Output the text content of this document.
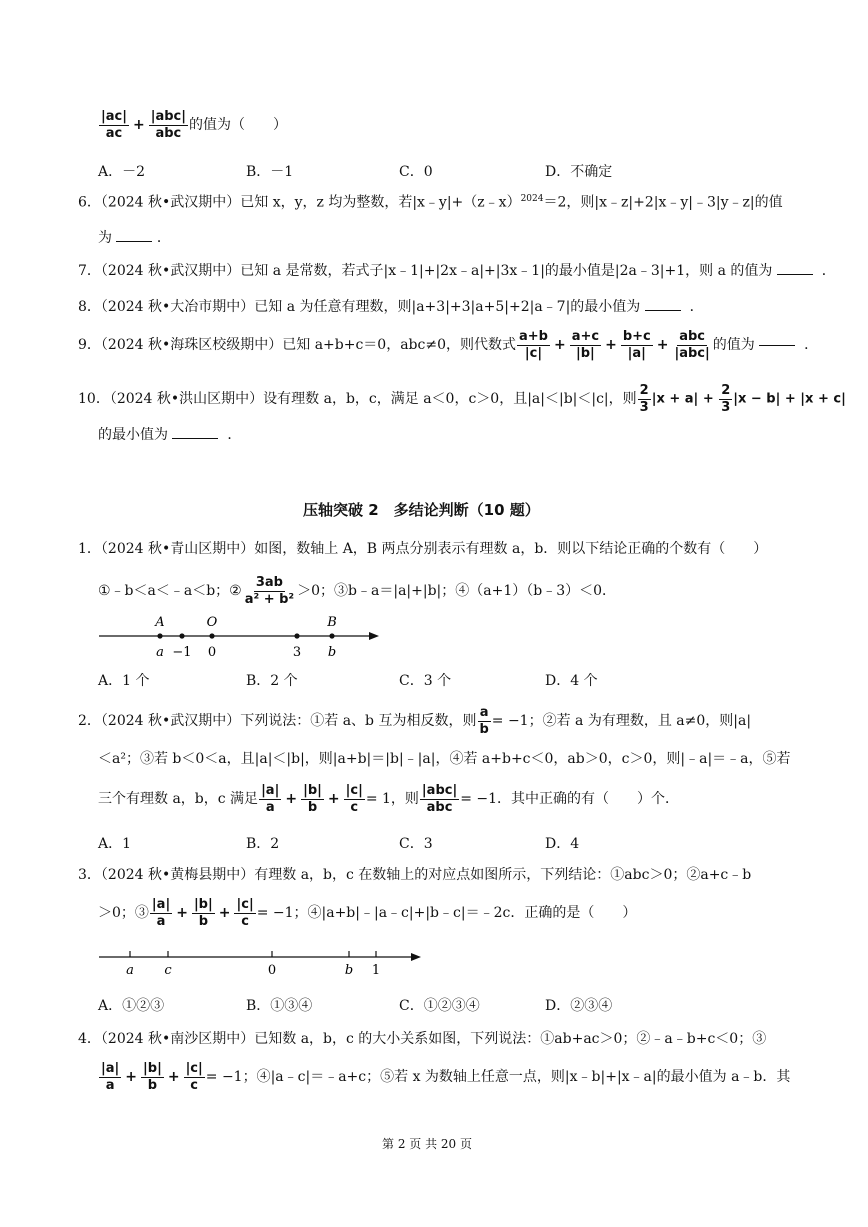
$\frac{|ac|}{ac} + \frac{\text{|abc|}}{\text{abc}}$ 的值为（　　）
A．－2	B．－1	C．0	D．不确定
6．（2024 秋•武汉期中）已知 x，y，z 均为整数，若|x﹣y|+（z﹣x）$^{2024}$＝2，则|x﹣z|+2|x﹣y|﹣3|y﹣z|的值
为	．
7．（2024 秋•武汉期中）已知 a 是常数，若式子|x﹣1|+|2x﹣a|+|3x﹣1|的最小值是|2a﹣3|+1，则 a 的值为	．
8．（2024 秋•大冶市期中）已知 a 为任意有理数，则|a+3|+3|a+5|+2|a﹣7|的最小值为	．
9．（2024 秋•海珠区校级期中）已知 a+b+c＝0，abc≠0，则代数式 $\frac{a+b}{|c|} + \frac{a+c}{|b|} + \frac{b+c}{|a|} + \frac{\text{abc}}{\text{|abc|}}$ 的值为	．
10．（2024 秋•洪山区期中）设有理数 a，b，c，满足 a＜0，c＞0，且|a|＜|b|＜|c|，则 $\frac{2}{3} |x + a| + \frac{2}{3} |x - b| + |x + c|$
的最小值为	．
压轴突破 2　多结论判断（10 题）
1．（2024 秋•青山区期中）如图，数轴上 A，B 两点分别表示有理数 a，b．则以下结论正确的个数有（　　）
①﹣b＜a＜﹣a＜b；② $\frac{3ab}{\text{a² + b²}} >0$；③b﹣a＝|a|+|b|；④（a+1）（b﹣3）＜0．
A	O	B
a −1 0	3 b
A．1 个	B．2 个	C．3 个	D．4 个
2．（2024 秋•武汉期中）下列说法：①若 a、b 互为相反数，则 $\frac{a}{b} = -1$；②若 a 为有理数，且 a≠0，则|a|
＜a²；③若 b＜0＜a，且|a|＜|b|，则|a+b|＝|b|﹣|a|，④若 a+b+c＜0，ab＞0，c＞0，则|﹣a|＝﹣a，⑤若
三个有理数 a，b，c 满足 $\frac{|a|}{a} + \frac{|b|}{b} + \frac{|c|}{c} = 1$，则 $\frac{\text{|abc|}}{\text{abc}} = -1$．其中正确的有（　　）个．
A．1	B．2	C．3	D．4
3．（2024 秋•黄梅县期中）有理数 a，b，c 在数轴上的对应点如图所示，下列结论：①abc＞0；②a+c﹣b
＞0；③ $\frac{|a|}{a} + \frac{|b|}{b} + \frac{|c|}{c} = -1$；④|a+b|﹣|a﹣c|+|b﹣c|＝﹣2c．正确的是（　　）
a c	0	b 1
A．①②③	B．①③④	C．①②③④	D．②③④
4．（2024 秋•南沙区期中）已知数 a，b，c 的大小关系如图，下列说法：①ab+ac＞0；②﹣a﹣b+c＜0；③
$\frac{|a|}{a} + \frac{|b|}{b} + \frac{|c|}{c} = -1$；④|a﹣c|＝﹣a+c；⑤若 x 为数轴上任意一点，则|x﹣b|+|x﹣a|的最小值为 a﹣b．其
第 2 页 共 20 页
